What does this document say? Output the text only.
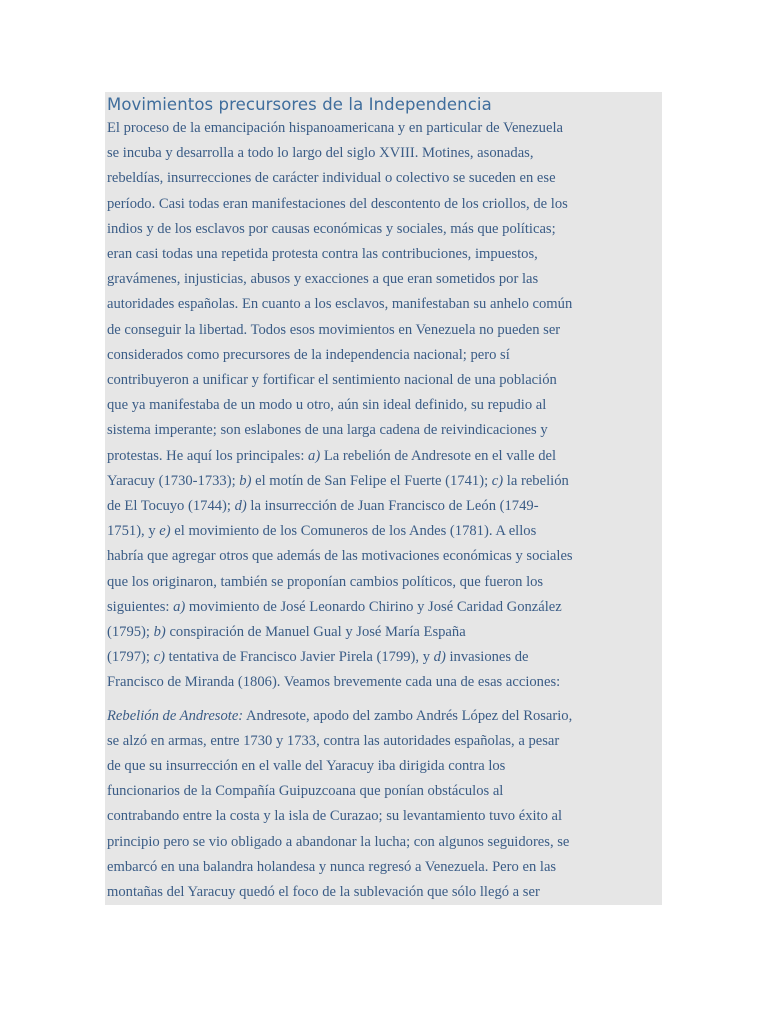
Movimientos precursores de la Independencia
El proceso de la emancipación hispanoamericana y en particular de Venezuela
se incuba y desarrolla a todo lo largo del siglo XVIII. Motines, asonadas,
rebeldías, insurrecciones de carácter individual o colectivo se suceden en ese
período. Casi todas eran manifestaciones del descontento de los criollos, de los
indios y de los esclavos por causas económicas y sociales, más que políticas;
eran casi todas una repetida protesta contra las contribuciones, impuestos,
gravámenes, injusticias, abusos y exacciones a que eran sometidos por las
autoridades españolas. En cuanto a los esclavos, manifestaban su anhelo común
de conseguir la libertad. Todos esos movimientos en Venezuela no pueden ser
considerados como precursores de la independencia nacional; pero sí
contribuyeron a unificar y fortificar el sentimiento nacional de una población
que ya manifestaba de un modo u otro, aún sin ideal definido, su repudio al
sistema imperante; son eslabones de una larga cadena de reivindicaciones y
protestas. He aquí los principales: a) La rebelión de Andresote en el valle del
Yaracuy (1730-1733); b) el motín de San Felipe el Fuerte (1741); c) la rebelión
de El Tocuyo (1744); d) la insurrección de Juan Francisco de León (1749-
1751), y e) el movimiento de los Comuneros de los Andes (1781). A ellos
habría que agregar otros que además de las motivaciones económicas y sociales
que los originaron, también se proponían cambios políticos, que fueron los
siguientes: a) movimiento de José Leonardo Chirino y José Caridad González
(1795); b) conspiración de Manuel Gual y José María España
(1797); c) tentativa de Francisco Javier Pirela (1799), y d) invasiones de
Francisco de Miranda (1806). Veamos brevemente cada una de esas acciones:
Rebelión de Andresote: Andresote, apodo del zambo Andrés López del Rosario,
se alzó en armas, entre 1730 y 1733, contra las autoridades españolas, a pesar
de que su insurrección en el valle del Yaracuy iba dirigida contra los
funcionarios de la Compañía Guipuzcoana que ponían obstáculos al
contrabando entre la costa y la isla de Curazao; su levantamiento tuvo éxito al
principio pero se vio obligado a abandonar la lucha; con algunos seguidores, se
embarcó en una balandra holandesa y nunca regresó a Venezuela. Pero en las
montañas del Yaracuy quedó el foco de la sublevación que sólo llegó a ser
